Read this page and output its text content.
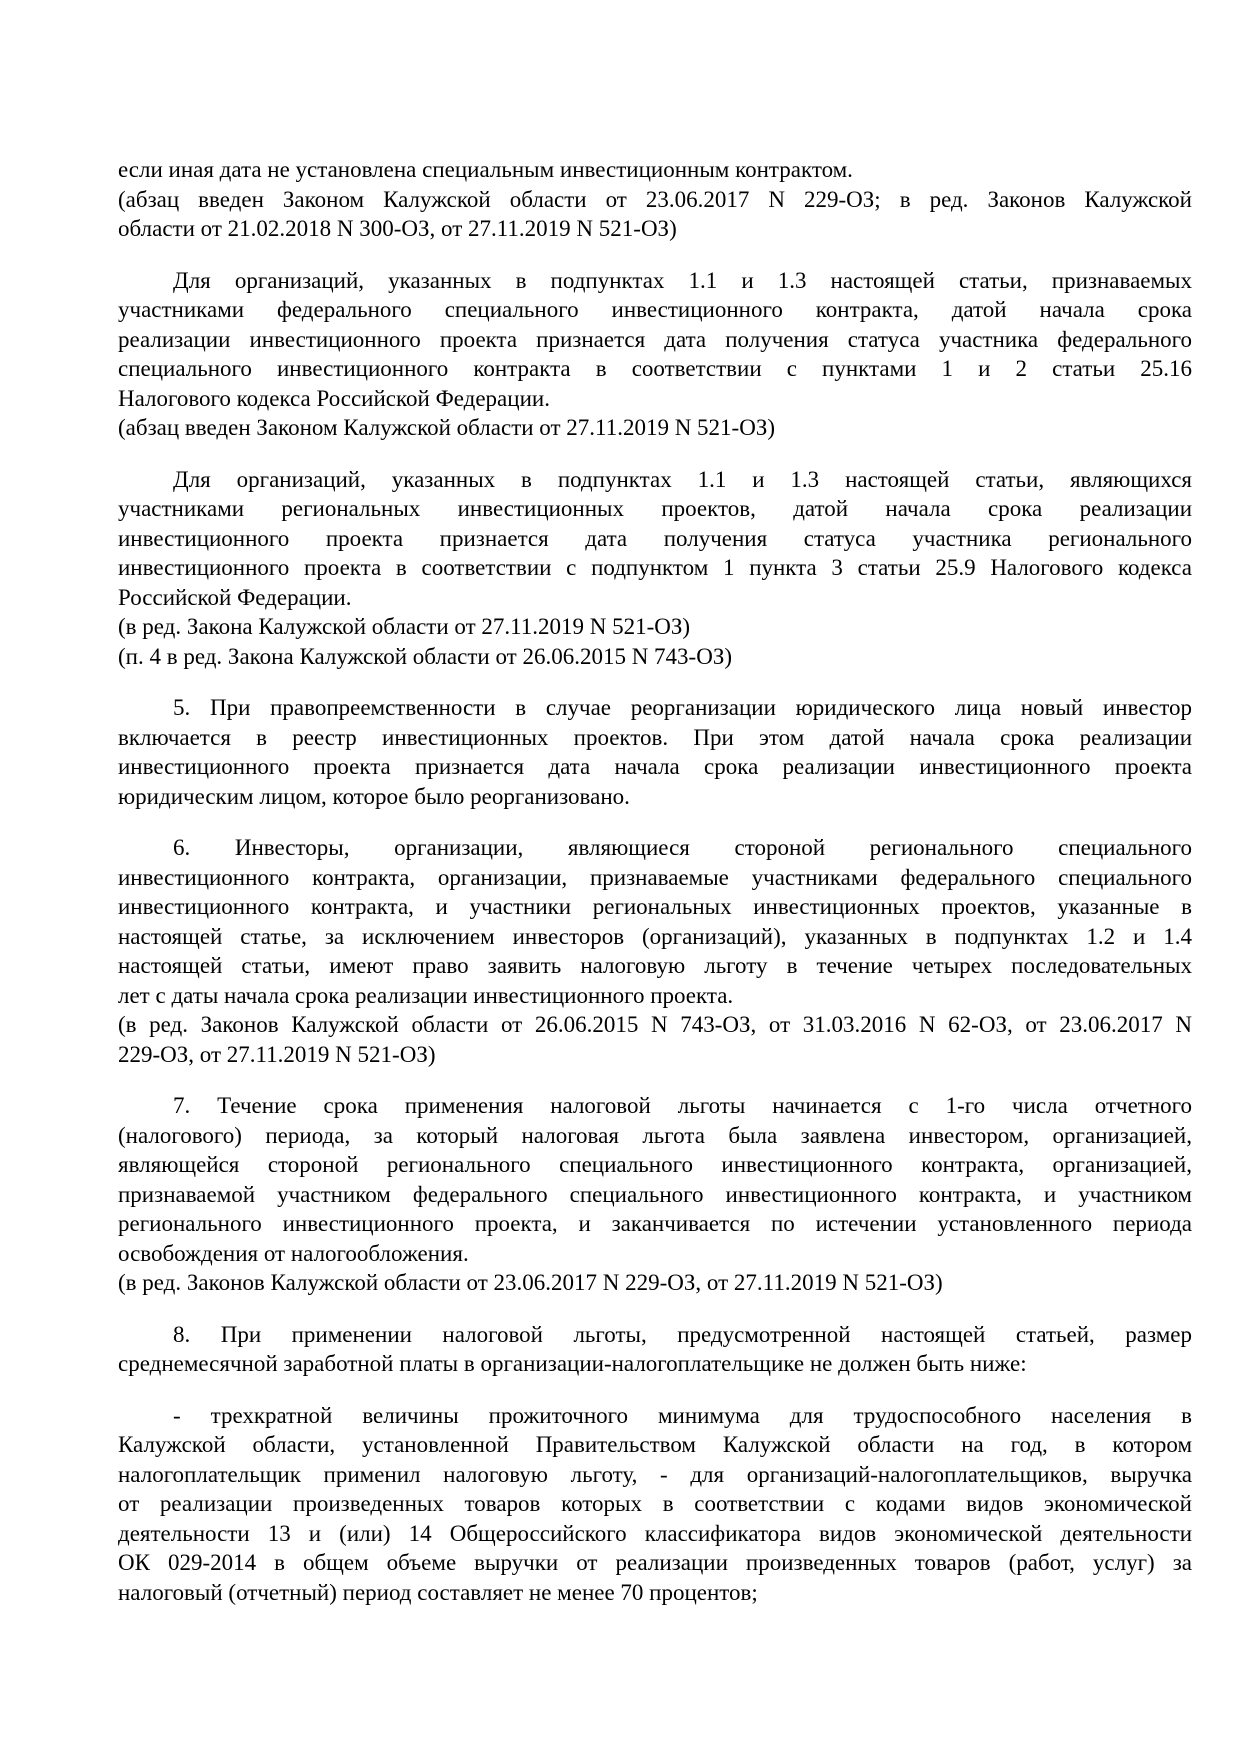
если иная дата не установлена специальным инвестиционным контрактом.
(абзац введен Законом Калужской области от 23.06.2017 N 229-ОЗ; в ред. Законов Калужской
области от 21.02.2018 N 300-ОЗ, от 27.11.2019 N 521-ОЗ)
Для организаций, указанных в подпунктах 1.1 и 1.3 настоящей статьи, признаваемых
участниками федерального специального инвестиционного контракта, датой начала срока
реализации инвестиционного проекта признается дата получения статуса участника федерального
специального инвестиционного контракта в соответствии с пунктами 1 и 2 статьи 25.16
Налогового кодекса Российской Федерации.
(абзац введен Законом Калужской области от 27.11.2019 N 521-ОЗ)
Для организаций, указанных в подпунктах 1.1 и 1.3 настоящей статьи, являющихся
участниками региональных инвестиционных проектов, датой начала срока реализации
инвестиционного проекта признается дата получения статуса участника регионального
инвестиционного проекта в соответствии с подпунктом 1 пункта 3 статьи 25.9 Налогового кодекса
Российской Федерации.
(в ред. Закона Калужской области от 27.11.2019 N 521-ОЗ)
(п. 4 в ред. Закона Калужской области от 26.06.2015 N 743-ОЗ)
5. При правопреемственности в случае реорганизации юридического лица новый инвестор
включается в реестр инвестиционных проектов. При этом датой начала срока реализации
инвестиционного проекта признается дата начала срока реализации инвестиционного проекта
юридическим лицом, которое было реорганизовано.
6. Инвесторы, организации, являющиеся стороной регионального специального
инвестиционного контракта, организации, признаваемые участниками федерального специального
инвестиционного контракта, и участники региональных инвестиционных проектов, указанные в
настоящей статье, за исключением инвесторов (организаций), указанных в подпунктах 1.2 и 1.4
настоящей статьи, имеют право заявить налоговую льготу в течение четырех последовательных
лет с даты начала срока реализации инвестиционного проекта.
(в ред. Законов Калужской области от 26.06.2015 N 743-ОЗ, от 31.03.2016 N 62-ОЗ, от 23.06.2017 N
229-ОЗ, от 27.11.2019 N 521-ОЗ)
7. Течение срока применения налоговой льготы начинается с 1-го числа отчетного
(налогового) периода, за который налоговая льгота была заявлена инвестором, организацией,
являющейся стороной регионального специального инвестиционного контракта, организацией,
признаваемой участником федерального специального инвестиционного контракта, и участником
регионального инвестиционного проекта, и заканчивается по истечении установленного периода
освобождения от налогообложения.
(в ред. Законов Калужской области от 23.06.2017 N 229-ОЗ, от 27.11.2019 N 521-ОЗ)
8. При применении налоговой льготы, предусмотренной настоящей статьей, размер
среднемесячной заработной платы в организации-налогоплательщике не должен быть ниже:
- трехкратной величины прожиточного минимума для трудоспособного населения в
Калужской области, установленной Правительством Калужской области на год, в котором
налогоплательщик применил налоговую льготу, - для организаций-налогоплательщиков, выручка
от реализации произведенных товаров которых в соответствии с кодами видов экономической
деятельности 13 и (или) 14 Общероссийского классификатора видов экономической деятельности
ОК 029-2014 в общем объеме выручки от реализации произведенных товаров (работ, услуг) за
налоговый (отчетный) период составляет не менее 70 процентов;
